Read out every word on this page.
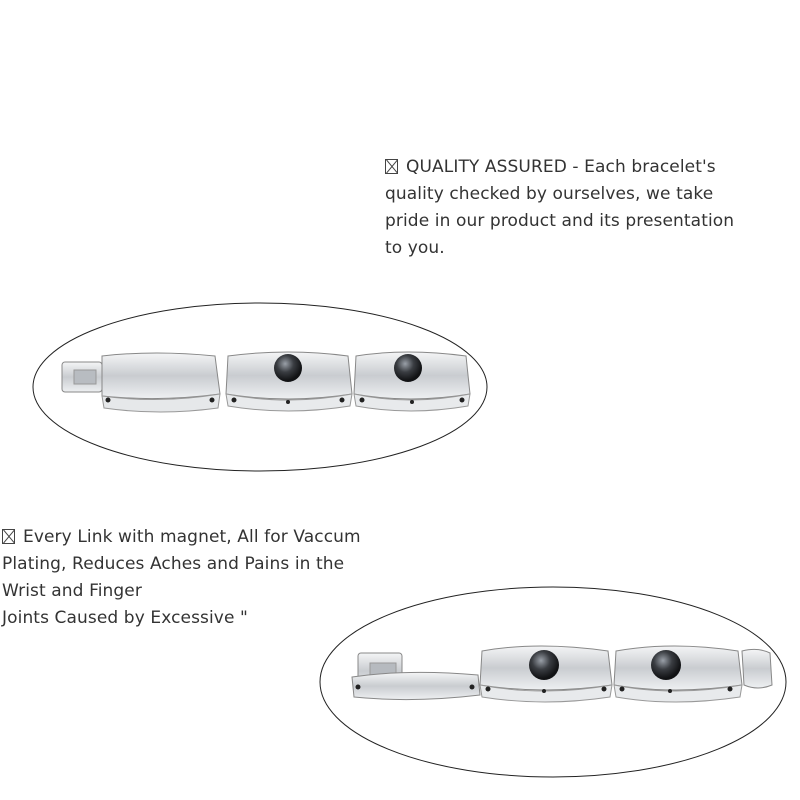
QUALITY ASSURED - Each bracelet's
quality checked by ourselves, we take
pride in our product and its presentation
to you.
Every Link with magnet, All for Vaccum
Plating, Reduces Aches and Pains in the
Wrist and Finger
Joints Caused by Excessive "
